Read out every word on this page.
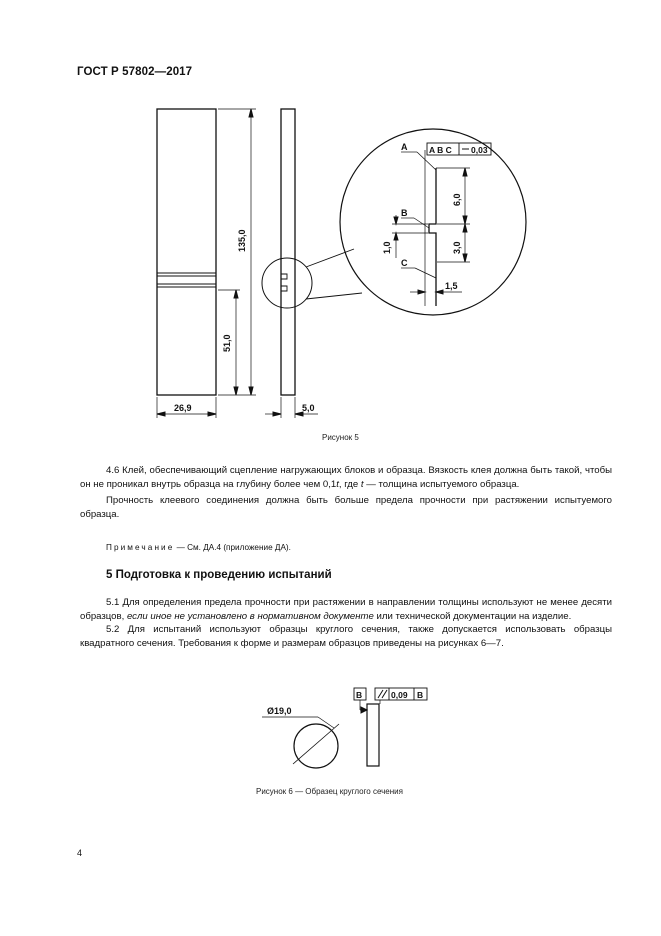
ГОСТ Р 57802—2017
135,0
51,0
26,9	5,0
6,0
3,0
1,0
1,5
A B C 0,03
A
B
C
Рисунок 5

4.6 Клей, обеспечивающий сцепление нагружающих блоков и образца. Вязкость клея должна быть такой, чтобы он не проникал внутрь образца на глубину более чем 0,1t, где t — толщина испытуемого образца.

Прочность клеевого соединения должна быть больше предела прочности при растяжении испытуемого образца.

Примечание — См. ДА.4 (приложение ДА).
5 Подготовка к проведению испытаний

5.1 Для определения предела прочности при растяжении в направлении толщины используют не менее десяти образцов, если иное не установлено в нормативном документе или технической документации на изделие.

5.2 Для испытаний используют образцы круглого сечения, также допускается использовать образцы квадратного сечения. Требования к форме и размерам образцов приведены на рисунках 6—7.

Ø19,0
B	0,09 B
Рисунок 6 — Образец круглого сечения
4
